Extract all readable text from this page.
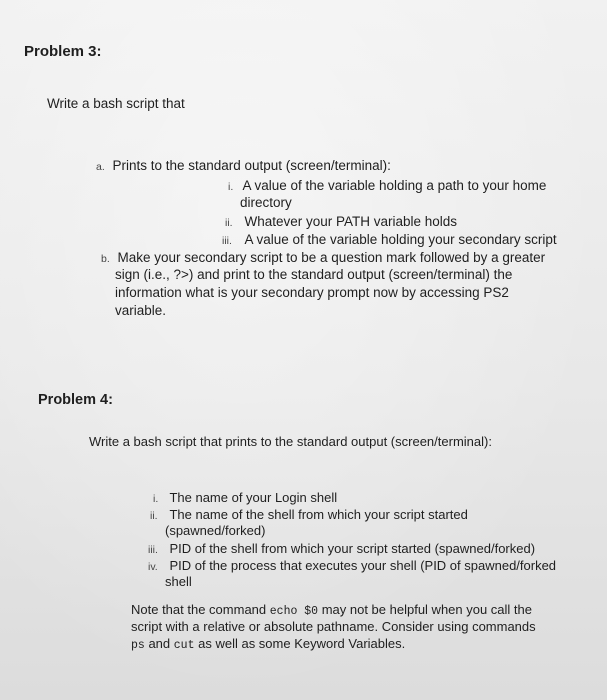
Problem 3:
Write a bash script that
a. Prints to the standard output (screen/terminal):
i. A value of the variable holding a path to your home
directory
ii. Whatever your PATH variable holds
iii. A value of the variable holding your secondary script
b. Make your secondary script to be a question mark followed by a greater
sign (i.e., ?>) and print to the standard output (screen/terminal) the
information what is your secondary prompt now by accessing PS2
variable.
Problem 4:
Write a bash script that prints to the standard output (screen/terminal):
i. The name of your Login shell
ii. The name of the shell from which your script started
(spawned/forked)
iii. PID of the shell from which your script started (spawned/forked)
iv. PID of the process that executes your shell (PID of spawned/forked
shell
Note that the command echo $0 may not be helpful when you call the
script with a relative or absolute pathname. Consider using commands
ps and cut as well as some Keyword Variables.
